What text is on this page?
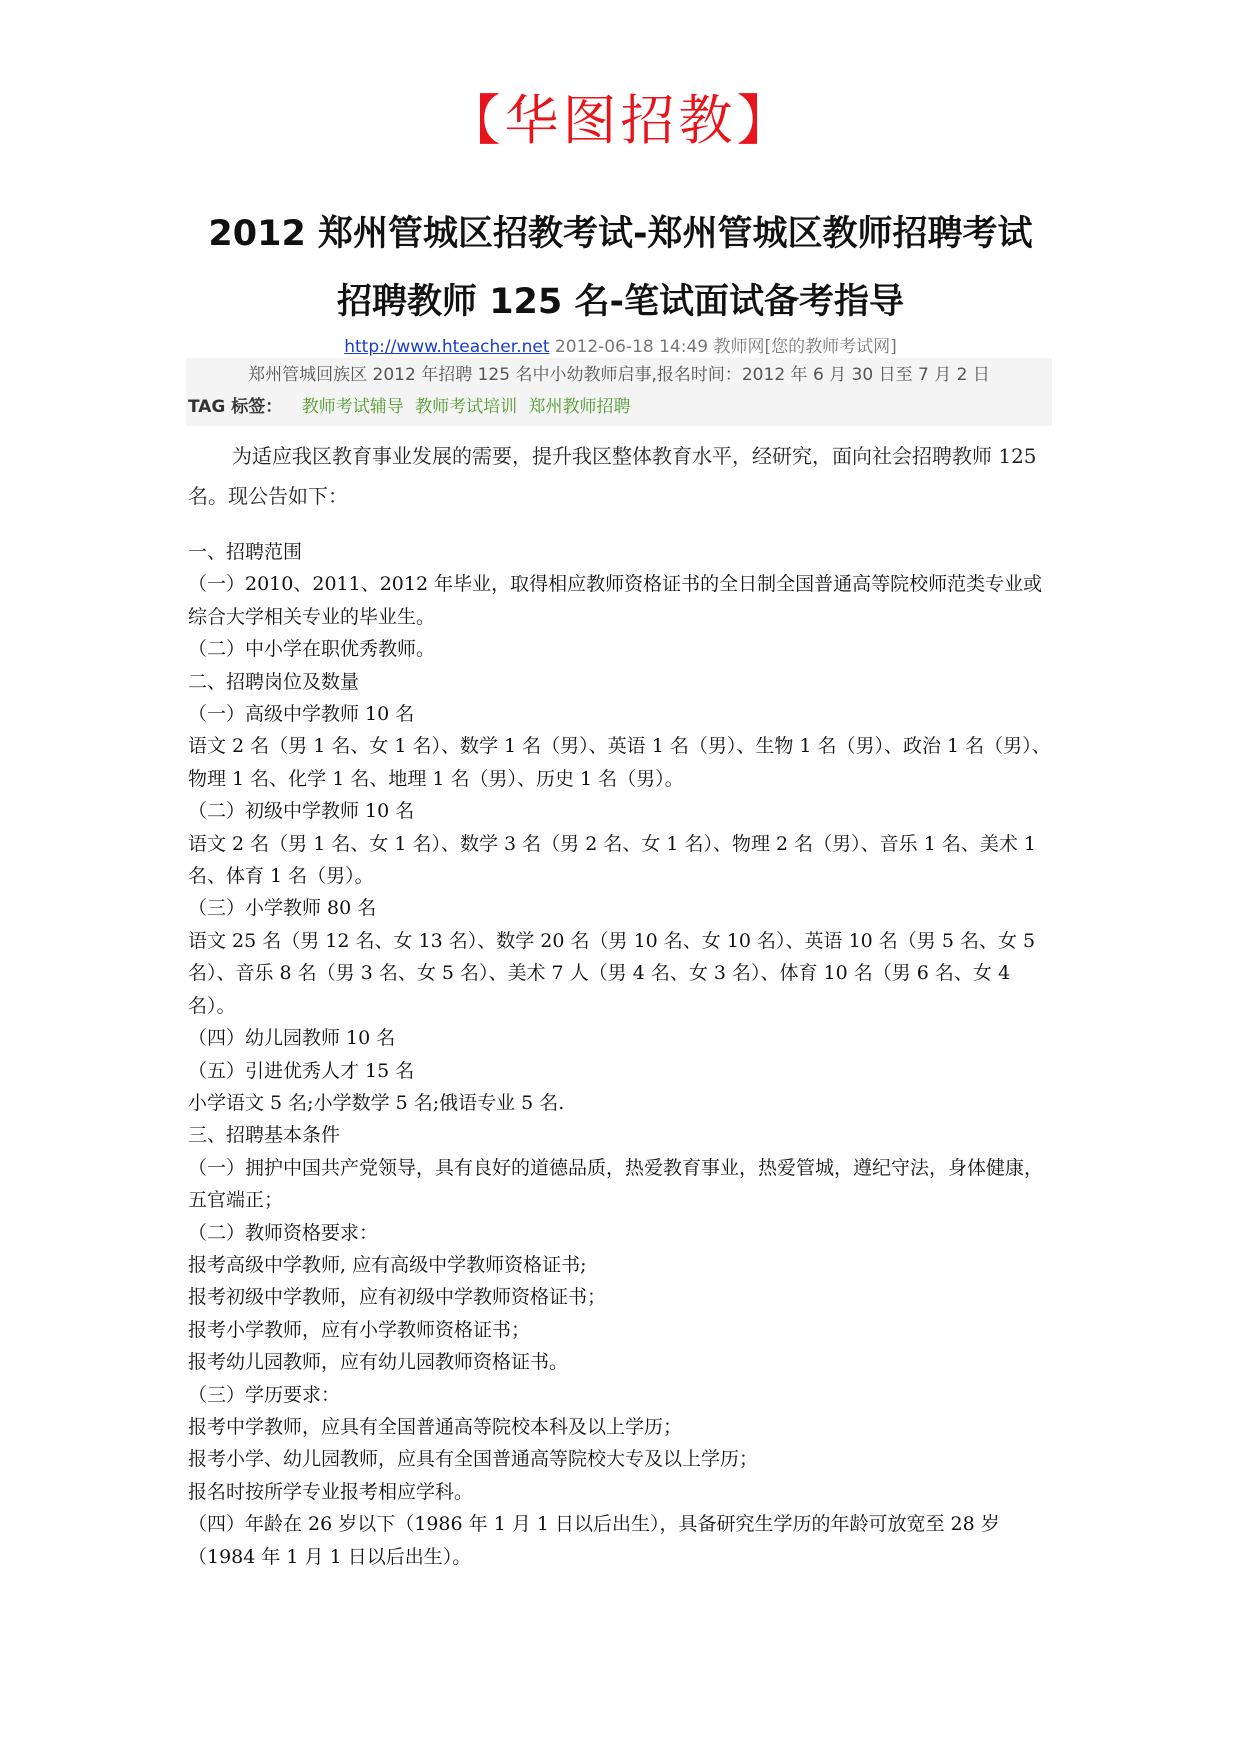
【华图招教】
2012 郑州管城区招教考试-郑州管城区教师招聘考试
招聘教师 125 名-笔试面试备考指导
http://www.hteacher.net 2012-06-18 14:49 教师网[您的教师考试网]
郑州管城回族区 2012 年招聘 125 名中小幼教师启事,报名时间：2012 年 6 月 30 日至 7 月 2 日
TAG 标签： 教师考试辅导 教师考试培训 郑州教师招聘
为适应我区教育事业发展的需要，提升我区整体教育水平，经研究，面向社会招聘教师 125 名。现公告如下：

一、招聘范围

（一）2010、2011、2012 年毕业，取得相应教师资格证书的全日制全国普通高等院校师范类专业或综合大学相关专业的毕业生。

（二）中小学在职优秀教师。

二、招聘岗位及数量

（一）高级中学教师 10 名

语文 2 名（男 1 名、女 1 名）、数学 1 名（男）、英语 1 名（男）、生物 1 名（男）、政治 1 名（男）、物理 1 名、化学 1 名、地理 1 名（男）、历史 1 名（男）。

（二）初级中学教师 10 名

语文 2 名（男 1 名、女 1 名）、数学 3 名（男 2 名、女 1 名）、物理 2 名（男）、音乐 1 名、美术 1 名、体育 1 名（男）。

（三）小学教师 80 名

语文 25 名（男 12 名、女 13 名）、数学 20 名（男 10 名、女 10 名）、英语 10 名（男 5 名、女 5 名）、音乐 8 名（男 3 名、女 5 名）、美术 7 人（男 4 名、女 3 名）、体育 10 名（男 6 名、女 4 名）。

（四）幼儿园教师 10 名

（五）引进优秀人才 15 名

小学语文 5 名;小学数学 5 名;俄语专业 5 名.

三、招聘基本条件

（一）拥护中国共产党领导，具有良好的道德品质，热爱教育事业，热爱管城，遵纪守法，身体健康，五官端正；

（二）教师资格要求：

报考高级中学教师, 应有高级中学教师资格证书;

报考初级中学教师，应有初级中学教师资格证书；

报考小学教师，应有小学教师资格证书；

报考幼儿园教师，应有幼儿园教师资格证书。

（三）学历要求：

报考中学教师，应具有全国普通高等院校本科及以上学历；

报考小学、幼儿园教师，应具有全国普通高等院校大专及以上学历；

报名时按所学专业报考相应学科。

（四）年龄在 26 岁以下（1986 年 1 月 1 日以后出生），具备研究生学历的年龄可放宽至 28 岁（1984 年 1 月 1 日以后出生）。
